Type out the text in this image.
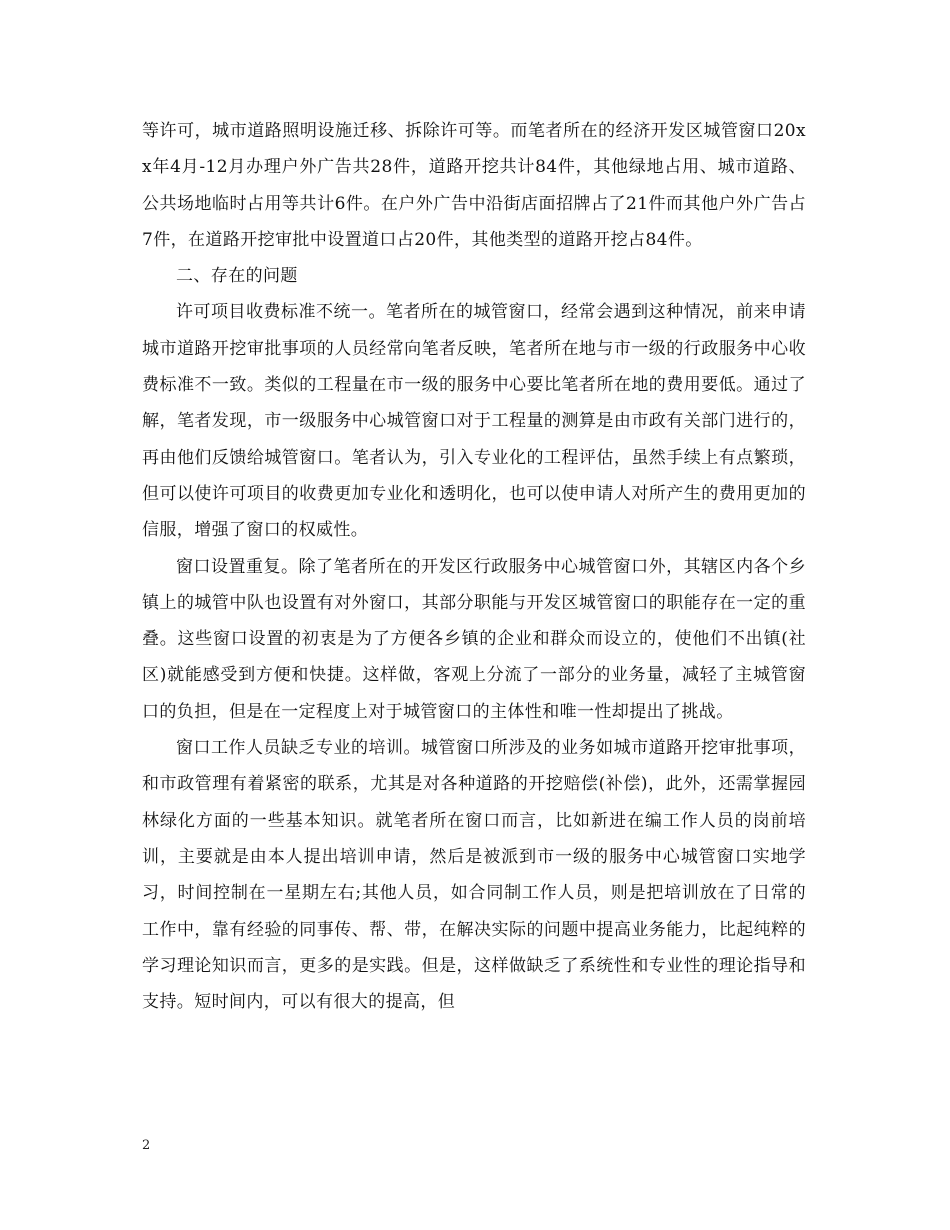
等许可，城市道路照明设施迁移、拆除许可等。而笔者所在的经济开发区城管窗口20xx年4月-12月办理户外广告共28件，道路开挖共计84件，其他绿地占用、城市道路、公共场地临时占用等共计6件。在户外广告中沿街店面招牌占了21件而其他户外广告占7件，在道路开挖审批中设置道口占20件，其他类型的道路开挖占84件。

二、存在的问题

许可项目收费标准不统一。笔者所在的城管窗口，经常会遇到这种情况，前来申请城市道路开挖审批事项的人员经常向笔者反映，笔者所在地与市一级的行政服务中心收费标准不一致。类似的工程量在市一级的服务中心要比笔者所在地的费用要低。通过了解，笔者发现，市一级服务中心城管窗口对于工程量的测算是由市政有关部门进行的，再由他们反馈给城管窗口。笔者认为，引入专业化的工程评估，虽然手续上有点繁琐，但可以使许可项目的收费更加专业化和透明化，也可以使申请人对所产生的费用更加的信服，增强了窗口的权威性。

窗口设置重复。除了笔者所在的开发区行政服务中心城管窗口外，其辖区内各个乡镇上的城管中队也设置有对外窗口，其部分职能与开发区城管窗口的职能存在一定的重叠。这些窗口设置的初衷是为了方便各乡镇的企业和群众而设立的，使他们不出镇(社区)就能感受到方便和快捷。这样做，客观上分流了一部分的业务量，减轻了主城管窗口的负担，但是在一定程度上对于城管窗口的主体性和唯一性却提出了挑战。

窗口工作人员缺乏专业的培训。城管窗口所涉及的业务如城市道路开挖审批事项，和市政管理有着紧密的联系，尤其是对各种道路的开挖赔偿(补偿)，此外，还需掌握园林绿化方面的一些基本知识。就笔者所在窗口而言，比如新进在编工作人员的岗前培训，主要就是由本人提出培训申请，然后是被派到市一级的服务中心城管窗口实地学习，时间控制在一星期左右;其他人员，如合同制工作人员，则是把培训放在了日常的工作中，靠有经验的同事传、帮、带，在解决实际的问题中提高业务能力，比起纯粹的学习理论知识而言，更多的是实践。但是，这样做缺乏了系统性和专业性的理论指导和支持。短时间内，可以有很大的提高，但

2
